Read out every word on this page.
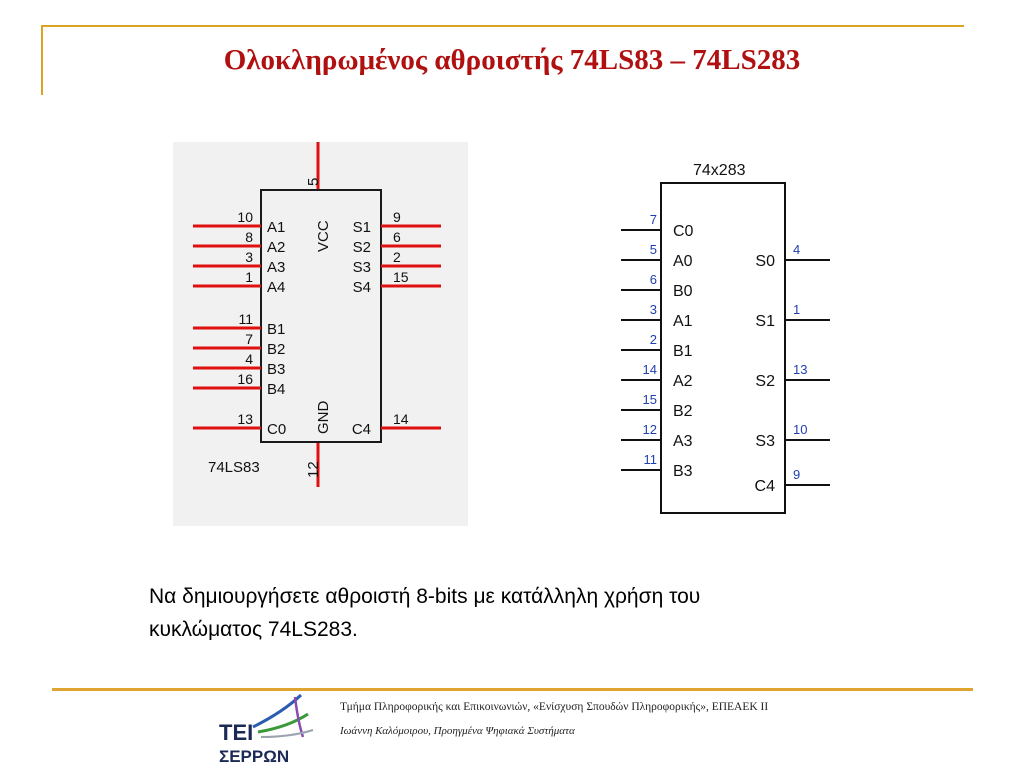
Ολοκληρωμένος αθροιστής 74LS83 – 74LS283
10
A1
8
A2
3
A3
1
A4
11
B1
7
B2
4
B3
16
B4
13
C0
9
S1
6
S2
2
S3
15
S4
14
C4
5
VCC
GND
12
74LS83
74x283
7
C0
5
A0
6
B0
3
A1
2
B1
14
A2
15
B2
12
A3
11
B3
4
S0
1
S1
13
S2
10
S3
9
C4
Να δημιουργήσετε αθροιστή 8-bits με κατάλληλη χρήση του
κυκλώματος 74LS283.
ΤΕΙ
ΣΕΡΡΩΝ
Τμήμα Πληροφορικής και Επικοινωνιών, «Ενίσχυση Σπουδών Πληροφορικής», ΕΠΕΑΕΚ ΙΙ
Ιωάννη Καλόμοιρου, Προηγμένα Ψηφιακά Συστήματα
